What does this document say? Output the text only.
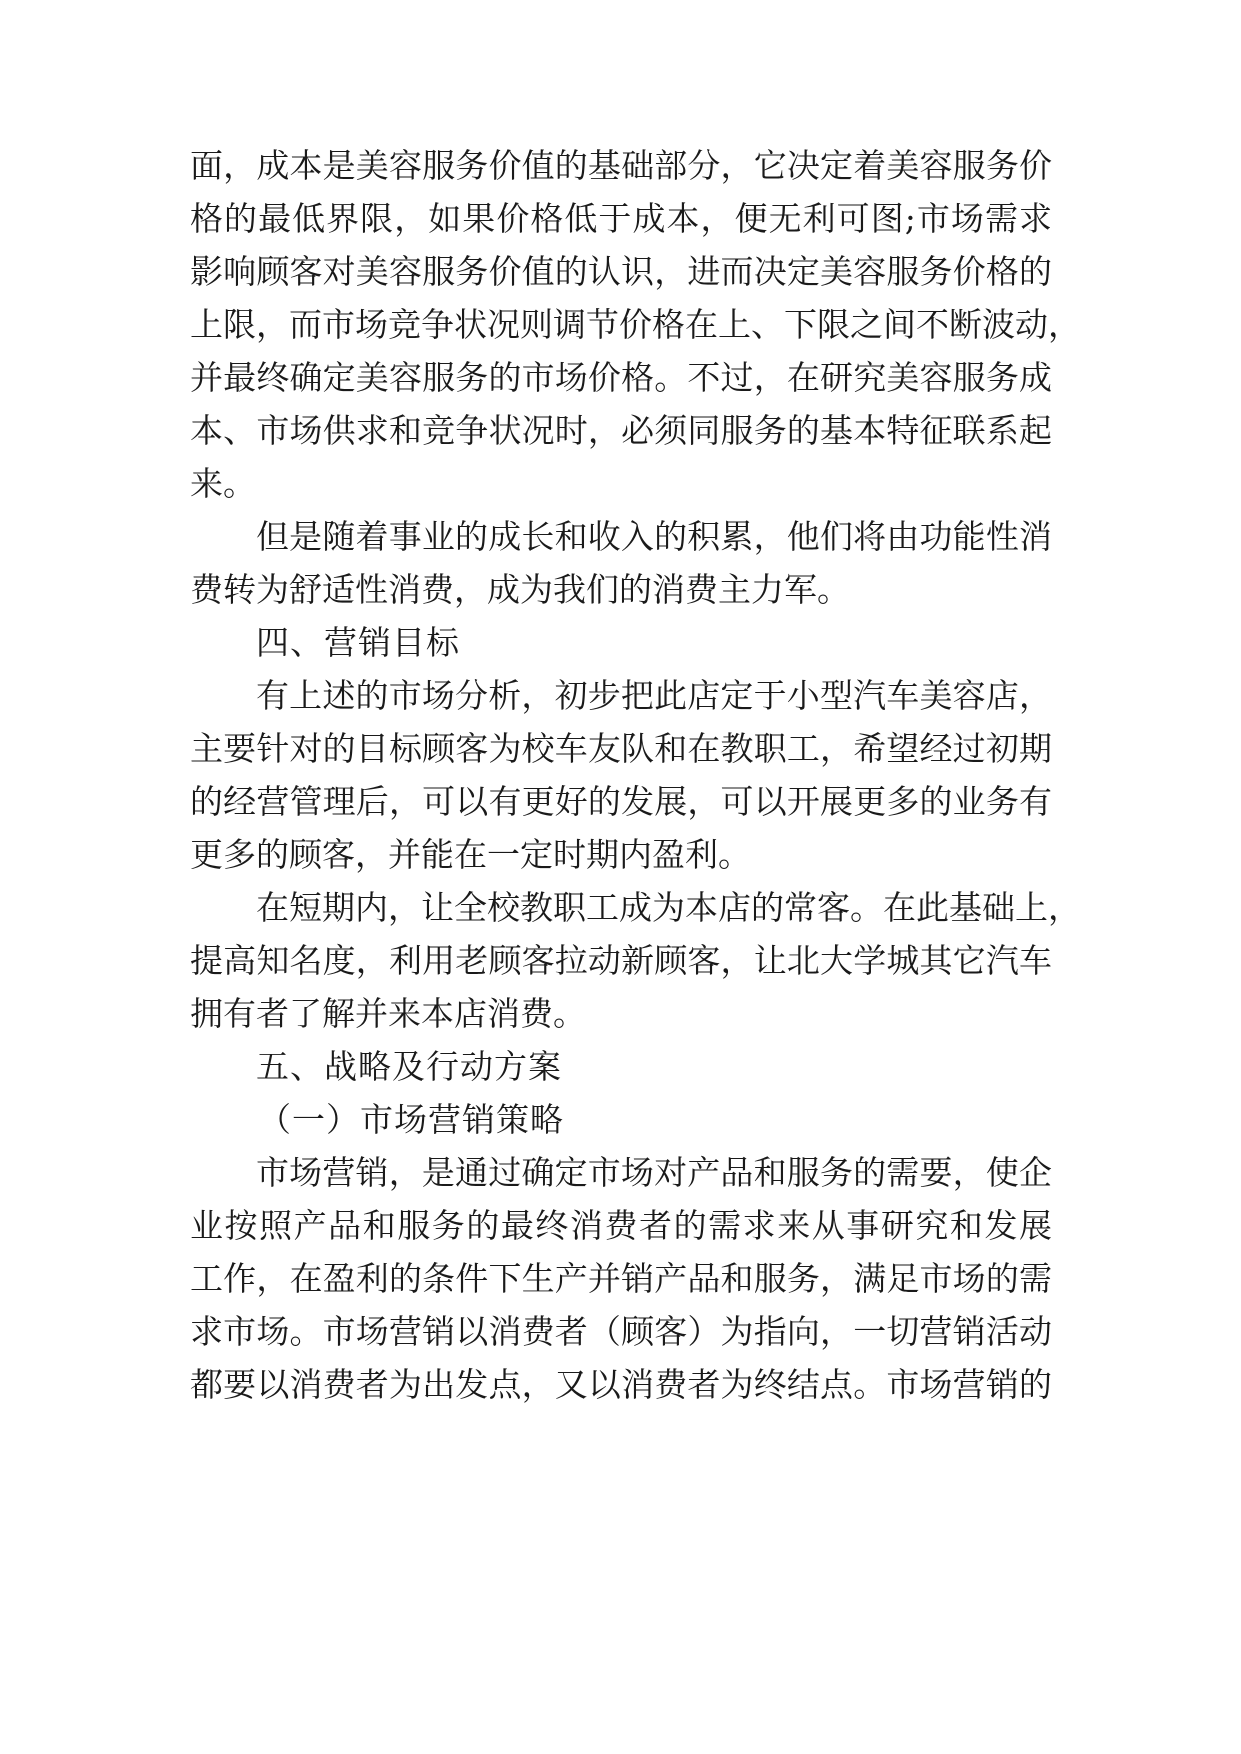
面，成本是美容服务价值的基础部分，它决定着美容服务价
格的最低界限，如果价格低于成本，便无利可图;市场需求
影响顾客对美容服务价值的认识，进而决定美容服务价格的
上限，而市场竞争状况则调节价格在上、下限之间不断波动，
并最终确定美容服务的市场价格。不过，在研究美容服务成
本、市场供求和竞争状况时，必须同服务的基本特征联系起
来。
但是随着事业的成长和收入的积累，他们将由功能性消
费转为舒适性消费，成为我们的消费主力军。
四、营销目标
有上述的市场分析，初步把此店定于小型汽车美容店，
主要针对的目标顾客为校车友队和在教职工，希望经过初期
的经营管理后，可以有更好的发展，可以开展更多的业务有
更多的顾客，并能在一定时期内盈利。
在短期内，让全校教职工成为本店的常客。在此基础上，
提高知名度，利用老顾客拉动新顾客，让北大学城其它汽车
拥有者了解并来本店消费。
五、战略及行动方案
（一）市场营销策略
市场营销，是通过确定市场对产品和服务的需要，使企
业按照产品和服务的最终消费者的需求来从事研究和发展
工作，在盈利的条件下生产并销产品和服务，满足市场的需
求市场。市场营销以消费者（顾客）为指向，一切营销活动
都要以消费者为出发点，又以消费者为终结点。市场营销的
